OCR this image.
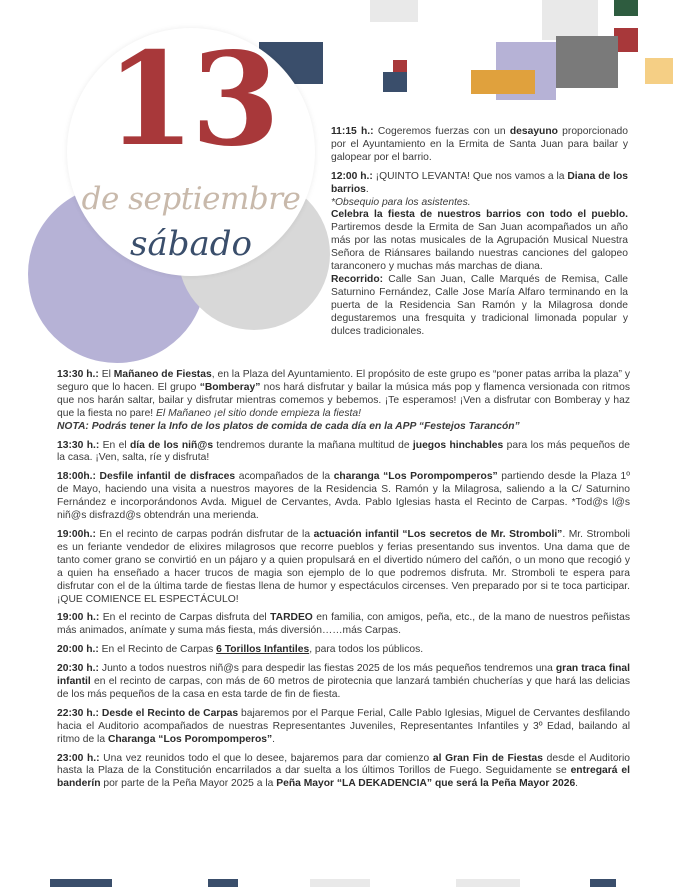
13
de septiembre
sábado

11:15 h.: Cogeremos fuerzas con un desayuno proporcionado por el Ayuntamiento en la Ermita de Santa Juan para bailar y galopear por el barrio.

12:00 h.: ¡QUINTO LEVANTA! Que nos vamos a la Diana de los barrios.
*Obsequio para los asistentes.

Celebra la fiesta de nuestros barrios con todo el pueblo. Partiremos desde la Ermita de San Juan acompañados un año más por las notas musicales de la Agrupación Musical Nuestra Señora de Riánsares bailando nuestras canciones del galopeo taranconero y muchas más marchas de diana.

Recorrido: Calle San Juan, Calle Marqués de Remisa, Calle Saturnino Fernández, Calle Jose María Alfaro terminando en la puerta de la Residencia San Ramón y la Milagrosa donde degustaremos una fresquita y tradicional limonada popular y dulces tradicionales.

13:30 h.: El Mañaneo de Fiestas, en la Plaza del Ayuntamiento. El propósito de este grupo es “poner patas arriba la plaza” y seguro que lo hacen. El grupo “Bomberay” nos hará disfrutar y bailar la música más pop y flamenca versionada con ritmos que nos harán saltar, bailar y disfrutar mientras comemos y bebemos. ¡Te esperamos! ¡Ven a disfrutar con Bomberay y haz que la fiesta no pare! El Mañaneo ¡el sitio donde empieza la fiesta!
NOTA: Podrás tener la Info de los platos de comida de cada día en la APP “Festejos Tarancón”

13:30 h.: En el día de los niñ@s tendremos durante la mañana multitud de juegos hinchables para los más pequeños de la casa. ¡Ven, salta, ríe y disfruta!

18:00h.: Desfile infantil de disfraces acompañados de la charanga “Los Porompomperos” partiendo desde la Plaza 1º de Mayo, haciendo una visita a nuestros mayores de la Residencia S. Ramón y la Milagrosa, saliendo a la C/ Saturnino Fernández e incorporándonos Avda. Miguel de Cervantes, Avda. Pablo Iglesias hasta el Recinto de Carpas. *Tod@s l@s niñ@s disfrazd@s obtendrán una merienda.

19:00h.: En el recinto de carpas podrán disfrutar de la actuación infantil “Los secretos de Mr. Stromboli”. Mr. Stromboli es un feriante vendedor de elixires milagrosos que recorre pueblos y ferias presentando sus inventos. Una dama que de tanto comer grano se convirtió en un pájaro y a quien propulsará en el divertido número del cañón, o un mono que recogió y a quien ha enseñado a hacer trucos de magia son ejemplo de lo que podremos disfruta. Mr. Stromboli te espera para disfrutar con el de la última tarde de fiestas llena de humor y espectáculos circenses. Ven preparado por si te toca participar. ¡QUE COMIENCE EL ESPECTÁCULO!

19:00 h.: En el recinto de Carpas disfruta del TARDEO en familia, con amigos, peña, etc., de la mano de nuestros peñistas más animados, anímate y suma más fiesta, más diversión……más Carpas.

20:00 h.: En el Recinto de Carpas 6 Torillos Infantiles, para todos los públicos.

20:30 h.: Junto a todos nuestros niñ@s para despedir las fiestas 2025 de los más pequeños tendremos una gran traca final infantil en el recinto de carpas, con más de 60 metros de pirotecnia que lanzará también chucherías y que hará las delicias de los más pequeños de la casa en esta tarde de fin de fiesta.

22:30 h.: Desde el Recinto de Carpas bajaremos por el Parque Ferial, Calle Pablo Iglesias, Miguel de Cervantes desfilando hacia el Auditorio acompañados de nuestras Representantes Juveniles, Representantes Infantiles y 3º Edad, bailando al ritmo de la Charanga “Los Porompomperos”.

23:00 h.: Una vez reunidos todo el que lo desee, bajaremos para dar comienzo al Gran Fin de Fiestas desde el Auditorio hasta la Plaza de la Constitución encarrilados a dar suelta a los últimos Torillos de Fuego. Seguidamente se entregará el banderín por parte de la Peña Mayor 2025 a la Peña Mayor “LA DEKADENCIA” que será la Peña Mayor 2026.
